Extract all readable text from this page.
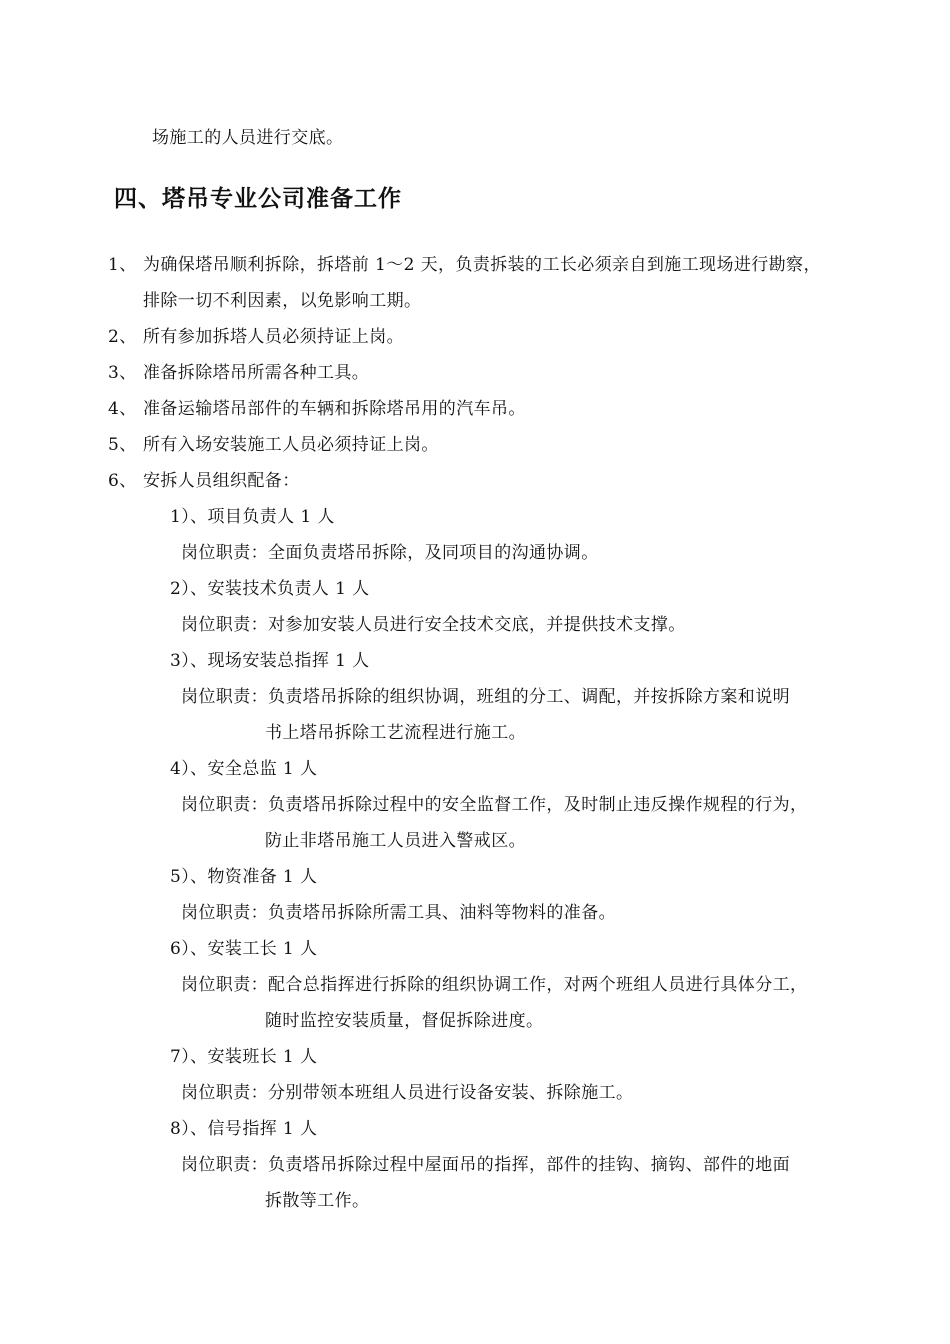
场施工的人员进行交底。
四、塔吊专业公司准备工作
1、 为确保塔吊顺利拆除，拆塔前 1～2 天，负责拆装的工长必须亲自到施工现场进行勘察，
排除一切不利因素，以免影响工期。
2、 所有参加拆塔人员必须持证上岗。
3、 准备拆除塔吊所需各种工具。
4、 准备运输塔吊部件的车辆和拆除塔吊用的汽车吊。
5、 所有入场安装施工人员必须持证上岗。
6、 安拆人员组织配备：
1）、项目负责人 1 人
岗位职责：全面负责塔吊拆除，及同项目的沟通协调。
2）、安装技术负责人 1 人
岗位职责：对参加安装人员进行安全技术交底，并提供技术支撑。
3）、现场安装总指挥 1 人
岗位职责：负责塔吊拆除的组织协调，班组的分工、调配，并按拆除方案和说明
书上塔吊拆除工艺流程进行施工。
4）、安全总监 1 人
岗位职责：负责塔吊拆除过程中的安全监督工作，及时制止违反操作规程的行为，
防止非塔吊施工人员进入警戒区。
5）、物资准备 1 人
岗位职责：负责塔吊拆除所需工具、油料等物料的准备。
6）、安装工长 1 人
岗位职责：配合总指挥进行拆除的组织协调工作，对两个班组人员进行具体分工，
随时监控安装质量，督促拆除进度。
7）、安装班长 1 人
岗位职责：分别带领本班组人员进行设备安装、拆除施工。
8）、信号指挥 1 人
岗位职责：负责塔吊拆除过程中屋面吊的指挥，部件的挂钩、摘钩、部件的地面
拆散等工作。
